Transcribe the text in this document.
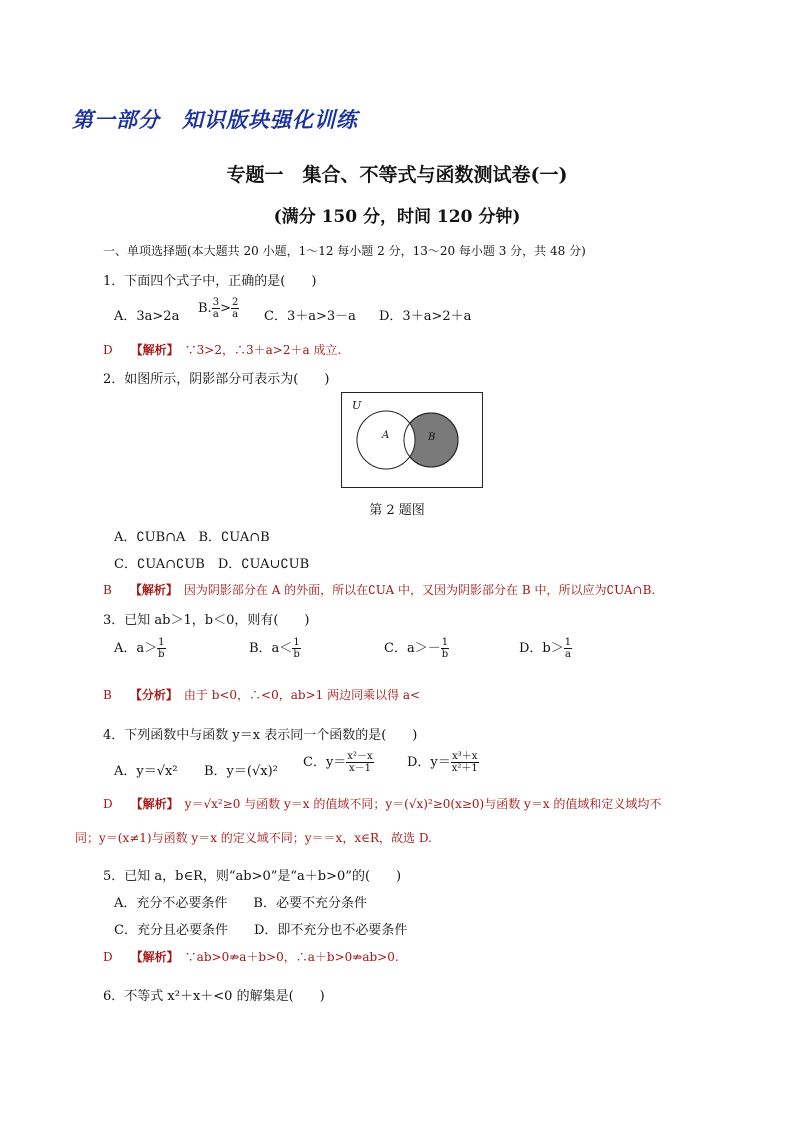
第一部分　知识版块强化训练
专题一　集合、不等式与函数测试卷(一)
(满分 150 分，时间 120 分钟)
一、单项选择题(本大题共 20 小题，1～12 每小题 2 分，13～20 每小题 3 分，共 48 分)
1．下面四个式子中，正确的是(　　)
A．3a>2a
B. $\frac{3}{a} > \frac{2}{a}$ C．3＋a>3－a D．3＋a>2＋a
D　　 【解析】　 ∵3>2，∴3＋a>2＋a 成立.
2．如图所示，阴影部分可表示为(　　)
U
A	B
第 2 题图
A．∁UB∩A　B．∁UA∩B
C．∁UA∩∁UB　D．∁UA∪∁UB
B　　 【解析】　 因为阴影部分在 A 的外面，所以在∁UA 中，又因为阴影部分在 B 中，所以应为∁UA∩B.
3．已知 ab＞1，b＜0，则有(　　)
A．$a> \frac{1}{b}$	B．$a< \frac{1}{b}$	C．$a>- \frac{1}{b}$	D．$b> \frac{1}{a}$
B　　 【分析】　 由于 b<0，∴<0，ab>1 两边同乘以得 a<
4．下列函数中与函数 y＝x 表示同一个函数的是(　　)
A．y＝√x² B．y＝(√x)²
C．$y= \frac{\text{x²－x}}{x-1}$	D．$y= \frac{\text{x³＋x}}{\text{x²＋1}}$
D　　 【解析】　 y＝√x²≥0 与函数 y＝x 的值域不同；y＝(√x)²≥0(x≥0)与函数 y＝x 的值域和定义域均不
同；y＝(x≠1)与函数 y＝x 的定义域不同；y＝＝x，x∈R，故选 D.
5．已知 a，b∈R，则“ab>0”是“a＋b>0”的(　　)
A．充分不必要条件　　B．必要不充分条件
C．充分且必要条件　　D．即不充分也不必要条件
D　　 【解析】　 ∵ab>0⇏a＋b>0，∴a＋b>0⇏ab>0.
6．不等式 x²＋x＋<0 的解集是(　　)
